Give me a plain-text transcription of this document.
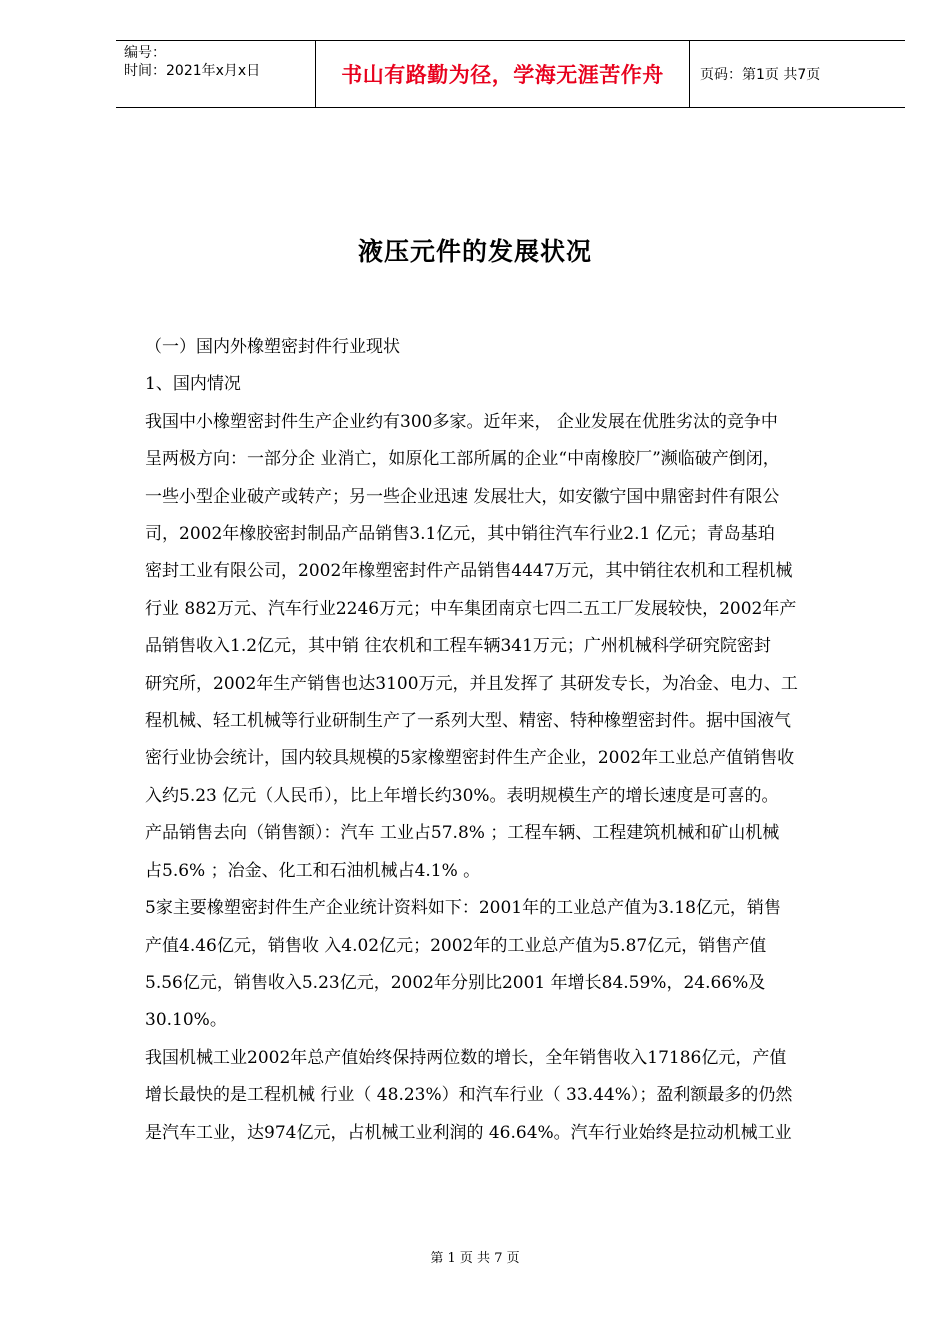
编号：
时间：2021年x月x日	书山有路勤为径，学海无涯苦作舟	页码：第1页 共7页
液压元件的发展状况

（一）国内外橡塑密封件行业现状

1、国内情况

我国中小橡塑密封件生产企业约有300多家。近年来， 企业发展在优胜劣汰的竞争中

呈两极方向：一部分企 业消亡，如原化工部所属的企业“中南橡胶厂”濒临破产倒闭，

一些小型企业破产或转产；另一些企业迅速 发展壮大，如安徽宁国中鼎密封件有限公

司，2002年橡胶密封制品产品销售3.1亿元，其中销往汽车行业2.1 亿元；青岛基珀

密封工业有限公司，2002年橡塑密封件产品销售4447万元，其中销往农机和工程机械

行业 882万元、汽车行业2246万元；中车集团南京七四二五工厂发展较快，2002年产

品销售收入1.2亿元，其中销 往农机和工程车辆341万元；广州机械科学研究院密封

研究所，2002年生产销售也达3100万元，并且发挥了 其研发专长，为冶金、电力、工

程机械、轻工机械等行业研制生产了一系列大型、精密、特种橡塑密封件。据中国液气

密行业协会统计，国内较具规模的5家橡塑密封件生产企业，2002年工业总产值销售收

入约5.23 亿元（人民币），比上年增长约30%。表明规模生产的增长速度是可喜的。

产品销售去向（销售额）：汽车 工业占57.8% ；工程车辆、工程建筑机械和矿山机械

占5.6% ；冶金、化工和石油机械占4.1% 。

5家主要橡塑密封件生产企业统计资料如下：2001年的工业总产值为3.18亿元，销售

产值4.46亿元，销售收 入4.02亿元；2002年的工业总产值为5.87亿元，销售产值

5.56亿元，销售收入5.23亿元，2002年分别比2001 年增长84.59%，24.66%及

30.10%。

我国机械工业2002年总产值始终保持两位数的增长，全年销售收入17186亿元，产值

增长最快的是工程机械 行业（ 48.23%）和汽车行业（ 33.44%）；盈利额最多的仍然

是汽车工业，达974亿元，占机械工业利润的 46.64%。汽车行业始终是拉动机械工业

第 1 页 共 7 页
